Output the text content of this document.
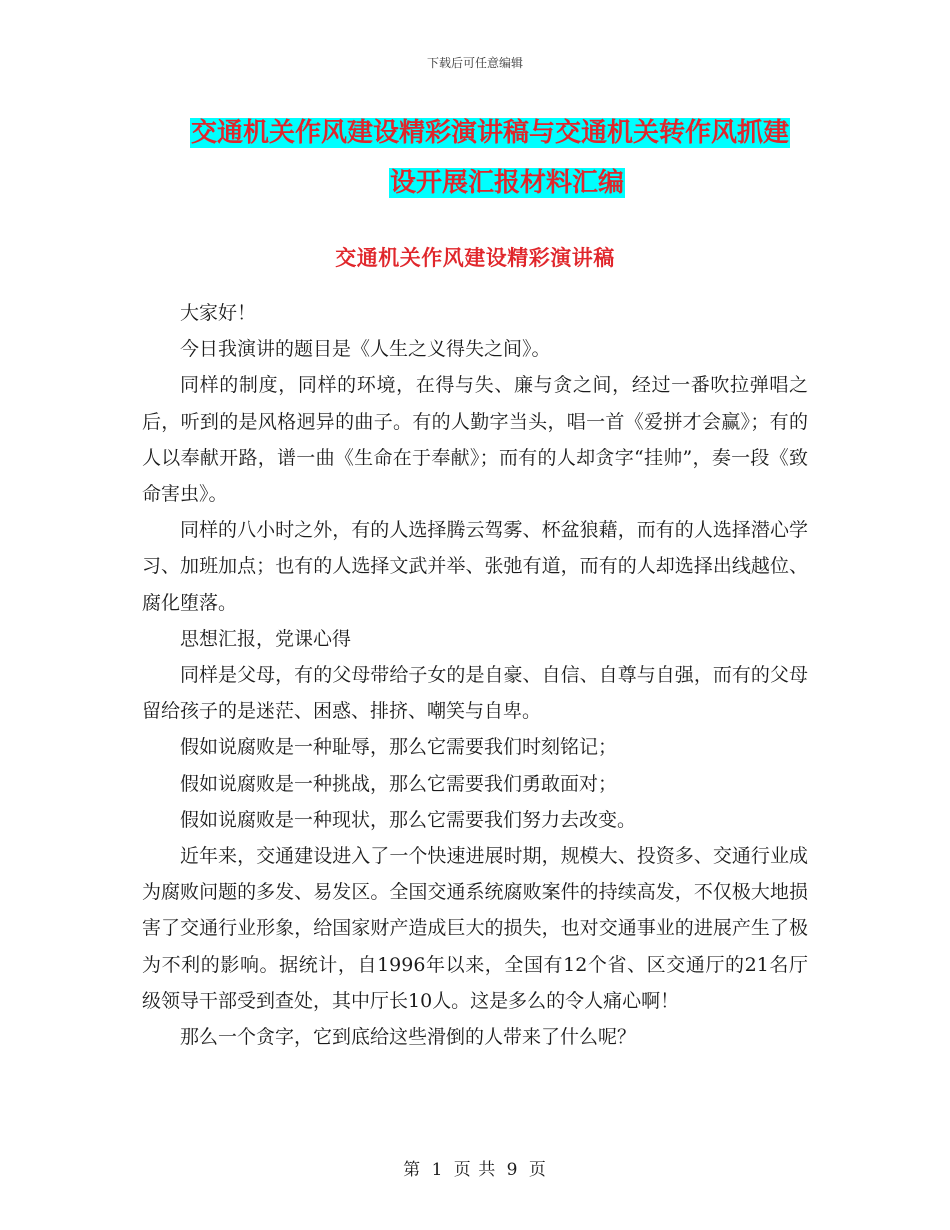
下载后可任意编辑
交通机关作风建设精彩演讲稿与交通机关转作风抓建
设开展汇报材料汇编
交通机关作风建设精彩演讲稿

大家好！

今日我演讲的题目是《人生之义得失之间》。

同样的制度，同样的环境，在得与失、廉与贪之间，经过一番吹拉弹唱之后，听到的是风格迥异的曲子。有的人勤字当头，唱一首《爱拼才会赢》；有的人以奉献开路，谱一曲《生命在于奉献》；而有的人却贪字“挂帅”，奏一段《致命害虫》。

同样的八小时之外，有的人选择腾云驾雾、杯盆狼藉，而有的人选择潜心学习、加班加点；也有的人选择文武并举、张弛有道，而有的人却选择出线越位、腐化堕落。

思想汇报，党课心得

同样是父母，有的父母带给子女的是自豪、自信、自尊与自强，而有的父母留给孩子的是迷茫、困惑、排挤、嘲笑与自卑。

假如说腐败是一种耻辱，那么它需要我们时刻铭记；

假如说腐败是一种挑战，那么它需要我们勇敢面对；

假如说腐败是一种现状，那么它需要我们努力去改变。

近年来，交通建设进入了一个快速进展时期，规模大、投资多、交通行业成为腐败问题的多发、易发区。全国交通系统腐败案件的持续高发，不仅极大地损害了交通行业形象，给国家财产造成巨大的损失，也对交通事业的进展产生了极为不利的影响。据统计，自1996年以来，全国有12个省、区交通厅的21名厅级领导干部受到查处，其中厅长10人。这是多么的令人痛心啊！

那么一个贪字，它到底给这些滑倒的人带来了什么呢？

第 1 页 共 9 页
